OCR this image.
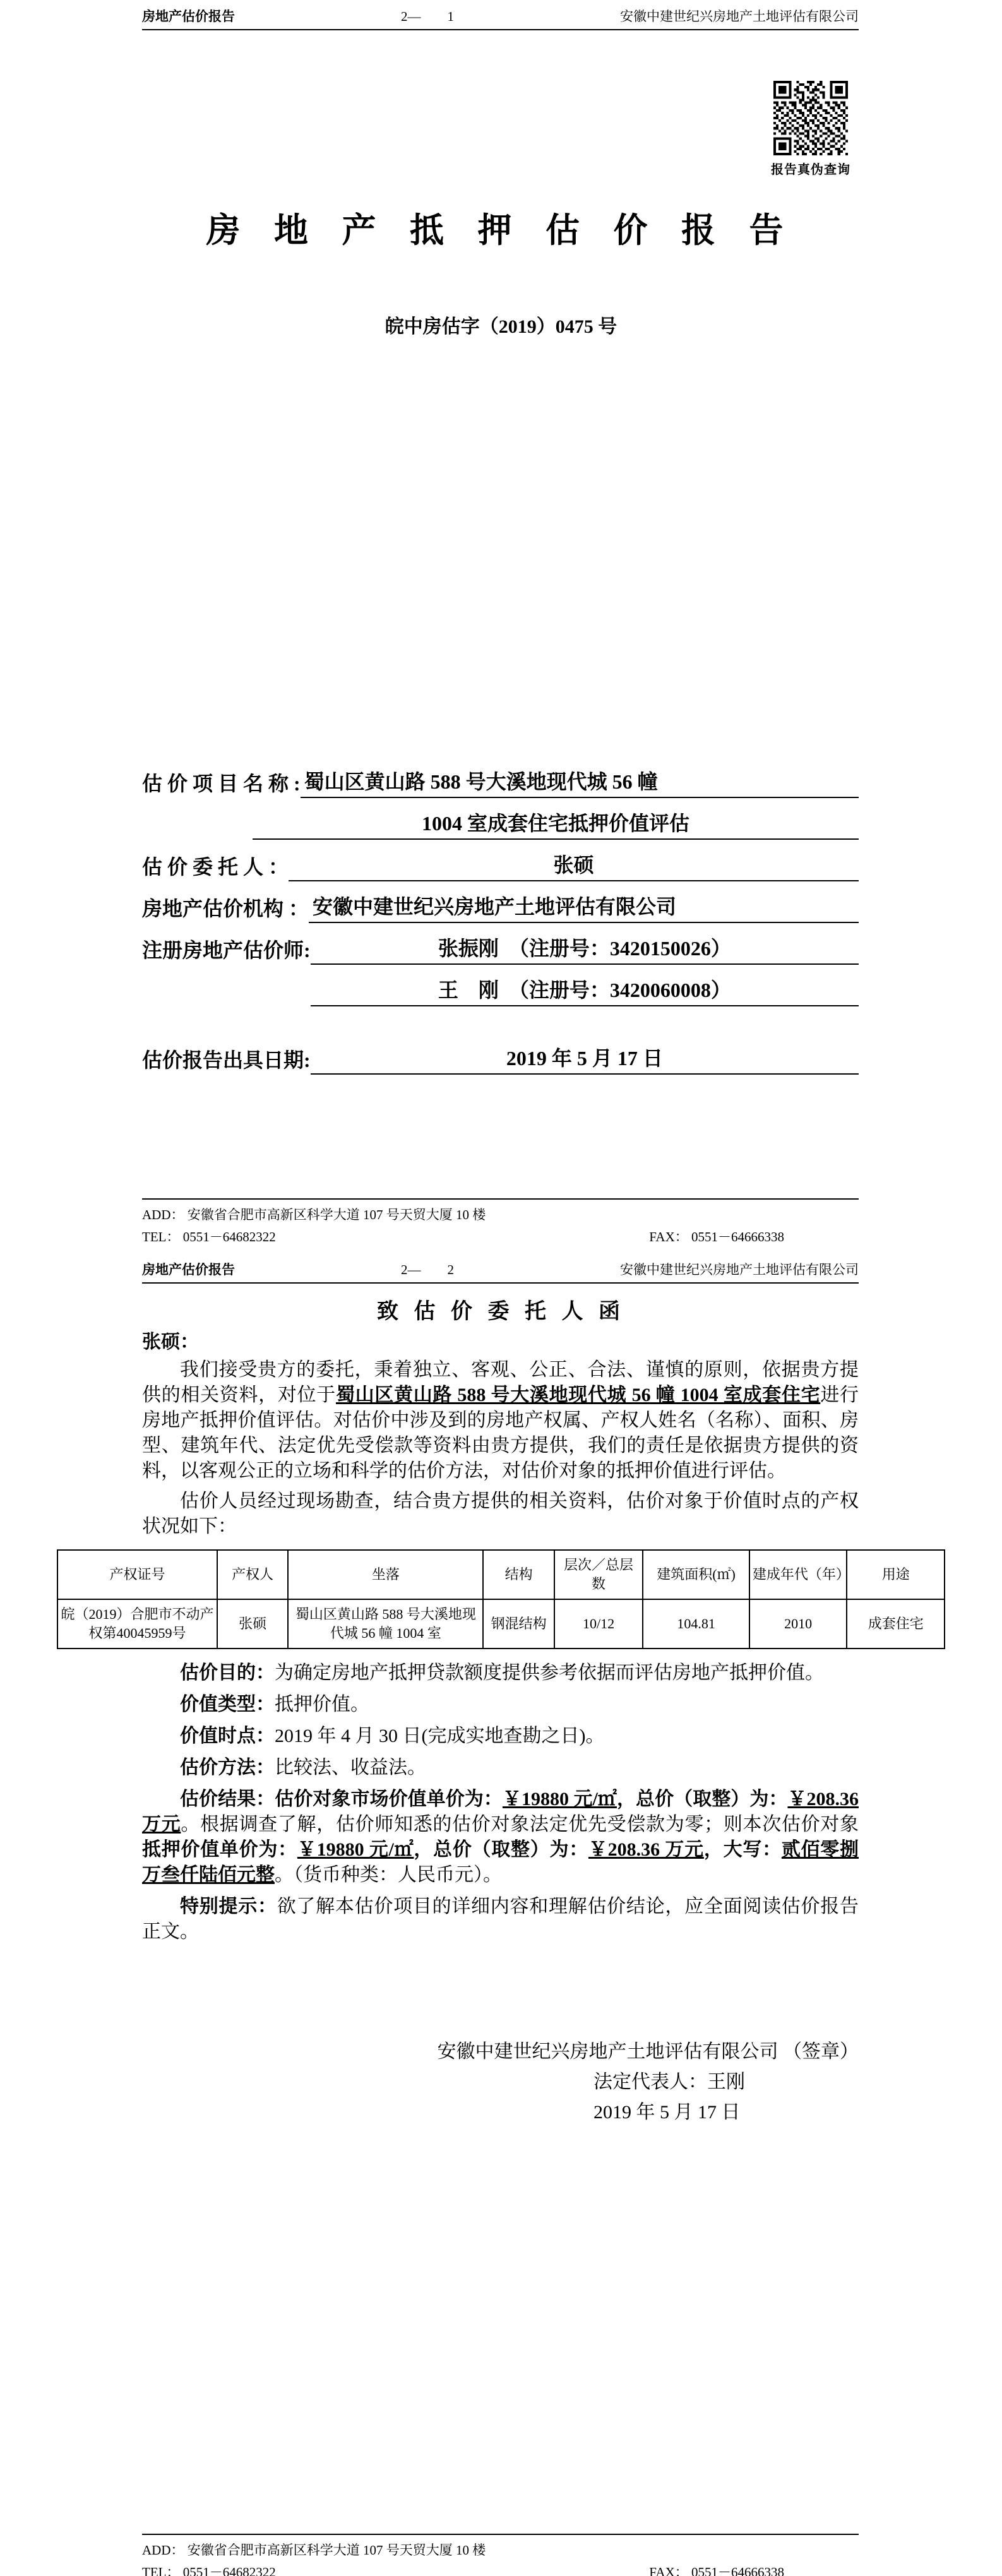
房地产估价报告	2—　　1	安徽中建世纪兴房地产土地评估有限公司
报告真伪查询
房 地 产 抵 押 估 价 报 告
皖中房估字（2019）0475 号
估 价 项 目 名 称 : 蜀山区黄山路 588 号大溪地现代城 56 幢
1004 室成套住宅抵押价值评估
估 价 委 托 人 ：	张硕
房地产估价机构 ： 安徽中建世纪兴房地产土地评估有限公司
注册房地产估价师:	张振刚　（注册号：3420150026）
王　刚　（注册号：3420060008）
估价报告出具日期:	2019 年 5 月 17 日
ADD： 安徽省合肥市高新区科学大道 107 号天贸大厦 10 楼
TEL： 0551－64682322	FAX： 0551－64666338
房地产估价报告	2—　　2	安徽中建世纪兴房地产土地评估有限公司
致 估 价 委 托 人 函
张硕：

我们接受贵方的委托，秉着独立、客观、公正、合法、谨慎的原则，依据贵方提供的相关资料，对位于蜀山区黄山路 588 号大溪地现代城 56 幢 1004 室成套住宅进行房地产抵押价值评估。对估价中涉及到的房地产权属、产权人姓名（名称）、面积、房型、建筑年代、法定优先受偿款等资料由贵方提供，我们的责任是依据贵方提供的资料，以客观公正的立场和科学的估价方法，对估价对象的抵押价值进行评估。

估价人员经过现场勘查，结合贵方提供的相关资料，估价对象于价值时点的产权状况如下：

产权证号	产权人	坐落	结构	层次／总层数	建筑面积(㎡)	建成年代（年）	用途
皖（2019）合肥市不动产权第40045959号	张硕	蜀山区黄山路 588 号大溪地现代城 56 幢 1004 室	钢混结构	10/12	104.81	2010	成套住宅

估价目的：为确定房地产抵押贷款额度提供参考依据而评估房地产抵押价值。

价值类型：抵押价值。

价值时点：2019 年 4 月 30 日(完成实地查勘之日)。

估价方法：比较法、收益法。

估价结果：估价对象市场价值单价为：￥19880 元/㎡，总价（取整）为：￥208.36 万元。根据调查了解，估价师知悉的估价对象法定优先受偿款为零；则本次估价对象抵押价值单价为：￥19880 元/㎡，总价（取整）为：￥208.36 万元，大写：贰佰零捌万叁仟陆佰元整。（货币种类：人民币元）。

特别提示：欲了解本估价项目的详细内容和理解估价结论，应全面阅读估价报告正文。

安徽中建世纪兴房地产土地评估有限公司 （签章）
法定代表人：王刚
2019 年 5 月 17 日
ADD： 安徽省合肥市高新区科学大道 107 号天贸大厦 10 楼
TEL： 0551－64682322	FAX： 0551－64666338
